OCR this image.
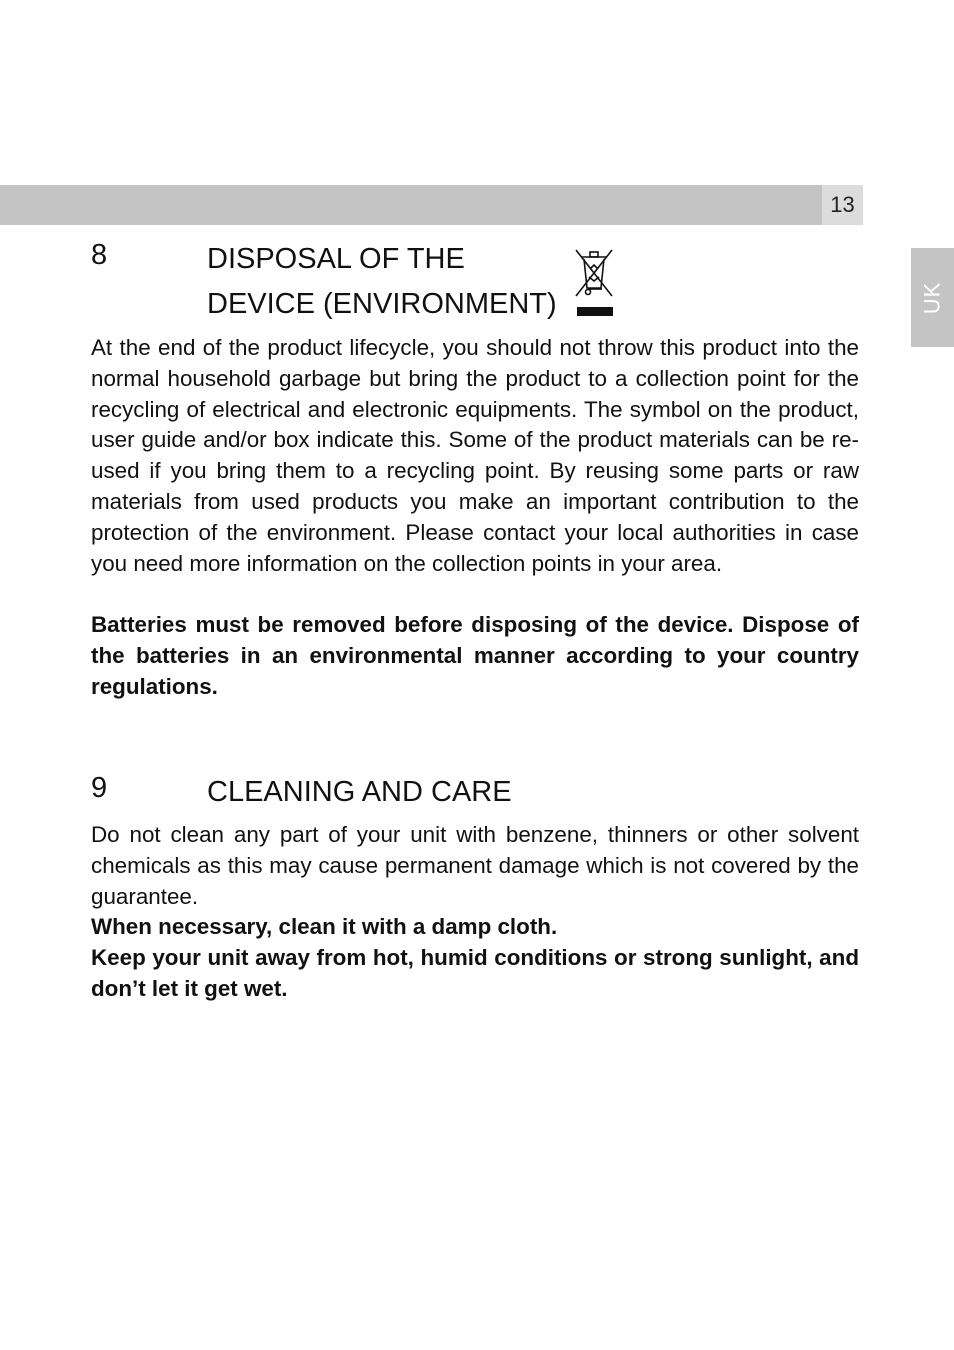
13
UK
8	DISPOSAL OF THE
DEVICE (ENVIRONMENT)

At the end of the product lifecycle, you should not throw this product into the normal household garbage but bring the product to a collection point for the recycling of electrical and electronic equipments. The symbol on the product, user guide and/or box indicate this. Some of the product materials can be re-used if you bring them to a recycling point. By reusing some parts or raw materials from used products you make an important contribution to the protection of the environment. Please contact your local authorities in case you need more information on the collection points in your area.

Batteries must be removed before disposing of the device. Dispose of the batteries in an environmental manner according to your country regulations.

9	CLEANING AND CARE

Do not clean any part of your unit with benzene, thinners or other solvent chemicals as this may cause permanent damage which is not covered by the guarantee.

When necessary, clean it with a damp cloth.

Keep your unit away from hot, humid conditions or strong sunlight, and don’t let it get wet.
